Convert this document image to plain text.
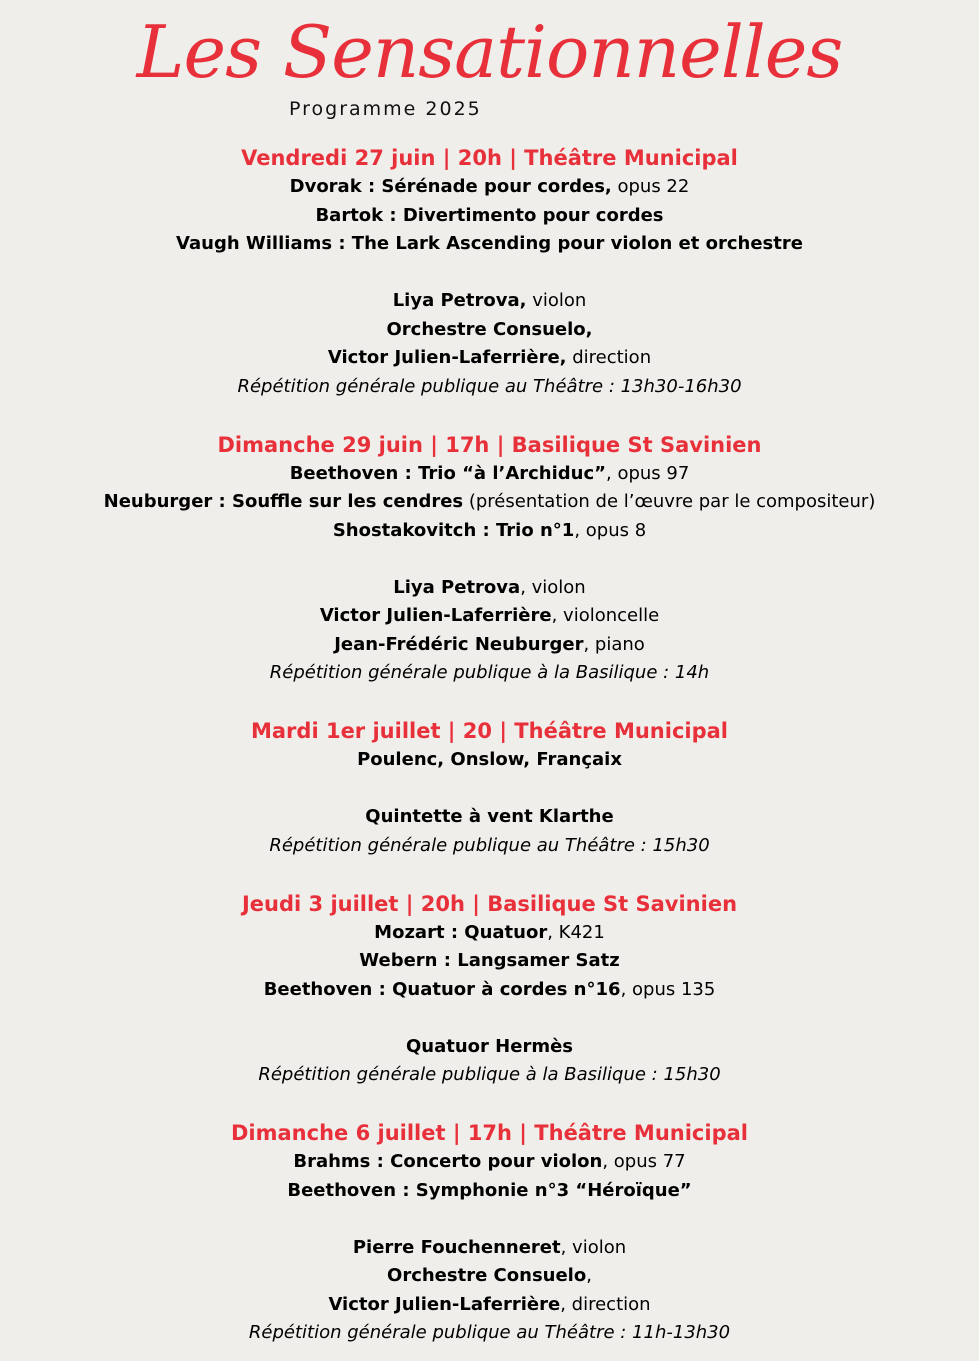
Les Sensationnelles
Programme 2025
Vendredi 27 juin | 20h | Théâtre Municipal
Dvorak : Sérénade pour cordes, opus 22
Bartok : Divertimento pour cordes
Vaugh Williams : The Lark Ascending pour violon et orchestre
Liya Petrova, violon
Orchestre Consuelo,
Victor Julien-Laferrière, direction
Répétition générale publique au Théâtre : 13h30-16h30
Dimanche 29 juin | 17h | Basilique St Savinien
Beethoven : Trio “à l’Archiduc”, opus 97
Neuburger : Souffle sur les cendres (présentation de l’œuvre par le compositeur)
Shostakovitch : Trio n°1, opus 8
Liya Petrova, violon
Victor Julien-Laferrière, violoncelle
Jean-Frédéric Neuburger, piano
Répétition générale publique à la Basilique : 14h
Mardi 1er juillet | 20 | Théâtre Municipal
Poulenc, Onslow, Françaix
Quintette à vent Klarthe
Répétition générale publique au Théâtre : 15h30
Jeudi 3 juillet | 20h | Basilique St Savinien
Mozart : Quatuor, K421
Webern : Langsamer Satz
Beethoven : Quatuor à cordes n°16, opus 135
Quatuor Hermès
Répétition générale publique à la Basilique : 15h30
Dimanche 6 juillet | 17h | Théâtre Municipal
Brahms : Concerto pour violon, opus 77
Beethoven : Symphonie n°3 “Héroïque”
Pierre Fouchenneret, violon
Orchestre Consuelo,
Victor Julien-Laferrière, direction
Répétition générale publique au Théâtre : 11h-13h30
